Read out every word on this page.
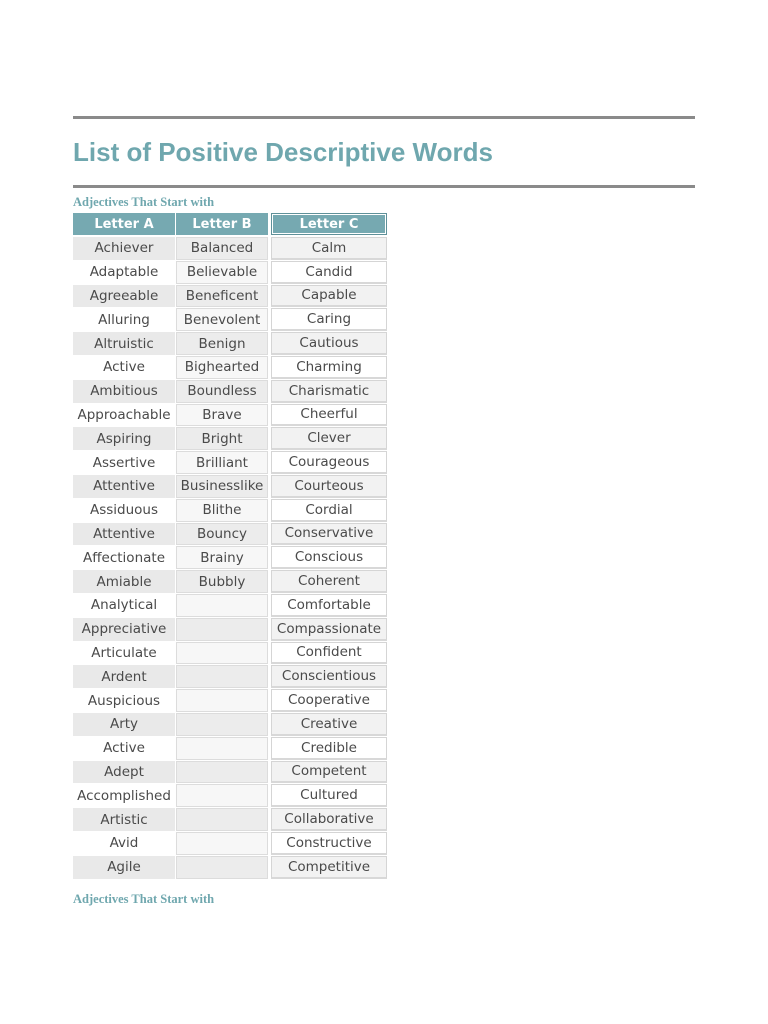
List of Positive Descriptive Words

Adjectives That Start with

Letter A
Achiever
Adaptable
Agreeable
Alluring
Altruistic
Active
Ambitious
Approachable
Aspiring
Assertive
Attentive
Assiduous
Attentive
Affectionate
Amiable
Analytical
Appreciative
Articulate
Ardent
Auspicious
Arty
Active
Adept
Accomplished
Artistic
Avid
Agile
Letter B
Balanced
Believable
Beneficent
Benevolent
Benign
Bighearted
Boundless
Brave
Bright
Brilliant
Businesslike
Blithe
Bouncy
Brainy
Bubbly
Letter C
Calm
Candid
Capable
Caring
Cautious
Charming
Charismatic
Cheerful
Clever
Courageous
Courteous
Cordial
Conservative
Conscious
Coherent
Comfortable
Compassionate
Confident
Conscientious
Cooperative
Creative
Credible
Competent
Cultured
Collaborative
Constructive
Competitive

Adjectives That Start with
